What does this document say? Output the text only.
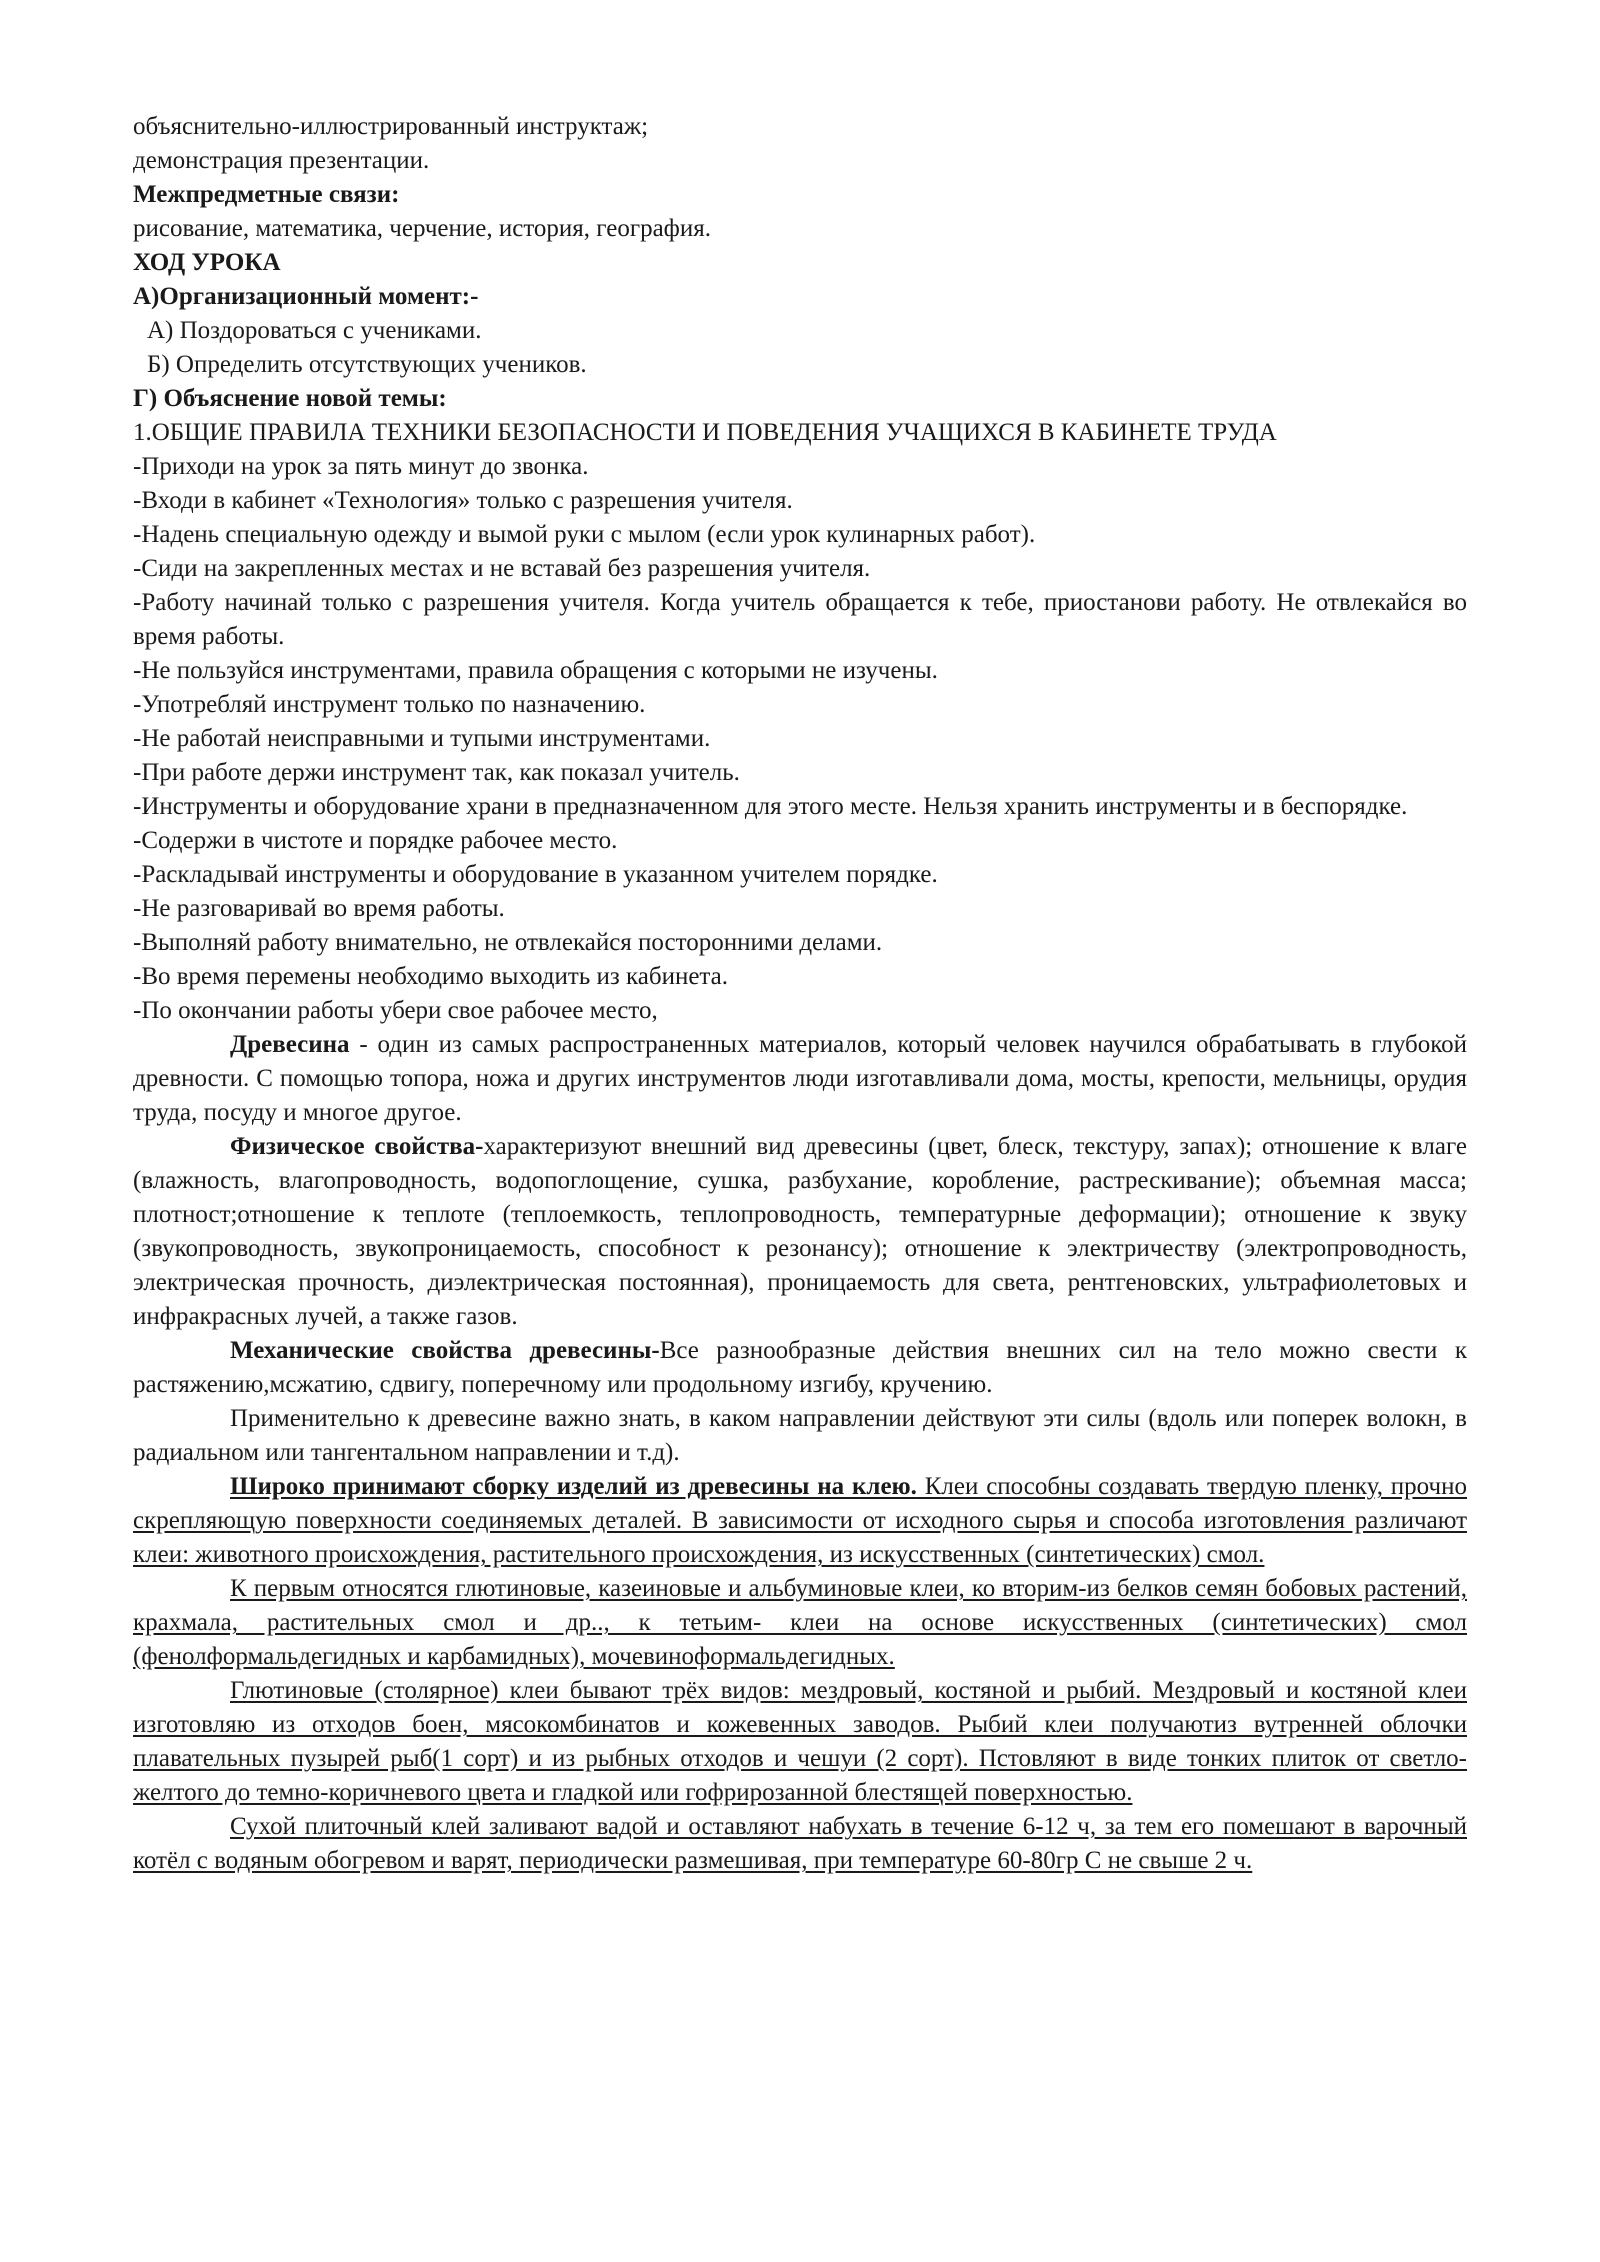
объяснительно-иллюстрированный инструктаж;

демонстрация презентации.

Межпредметные связи:

рисование, математика, черчение, история, география.

ХОД УРОКА

А)Организационный момент:-

А) Поздороваться с учениками.

Б) Определить отсутствующих учеников.

Г) Объяснение новой темы:

1.ОБЩИЕ ПРАВИЛА ТЕХНИКИ БЕЗОПАСНОСТИ И ПОВЕДЕНИЯ УЧАЩИХСЯ В КАБИНЕТЕ ТРУДА

-Приходи на урок за пять минут до звонка.

-Входи в кабинет «Технология» только с разрешения учителя.

-Надень специальную одежду и вымой руки с мылом (если урок кулинарных работ).

-Сиди на закрепленных местах и не вставай без разрешения учителя.

-Работу начинай только с разрешения учителя. Когда учитель обращается к тебе, приостанови работу. Не отвлекайся во время работы.

-Не пользуйся инструментами, правила обращения с которыми не изучены.

-Употребляй инструмент только по назначению.

-Не работай неисправными и тупыми инструментами.

-При работе держи инструмент так, как показал учитель.

-Инструменты и оборудование храни в предназначенном для этого месте. Нельзя хранить инструменты и в беспорядке.

-Содержи в чистоте и порядке рабочее место.

-Раскладывай инструменты и оборудование в указанном учителем порядке.

-Не разговаривай во время работы.

-Выполняй работу внимательно, не отвлекайся посторонними делами.

-Во время перемены необходимо выходить из кабинета.

-По окончании работы убери свое рабочее место,

Древесина - один из самых распространенных материалов, который человек научился обрабатывать в глубокой древности. С помощью топора, ножа и других инструментов люди изготавливали дома, мосты, крепости, мельницы, орудия труда, посуду и многое другое.

Физическое свойства-характеризуют внешний вид древесины (цвет, блеск, текстуру, запах); отношение к влаге (влажность, влагопроводность, водопоглощение, сушка, разбухание, коробление, растрескивание); объемная масса; плотност;отношение к теплоте (теплоемкость, теплопроводность, температурные деформации); отношение к звуку (звукопроводность, звукопроницаемость, способност к резонансу); отношение к электричеству (электропроводность, электрическая прочность, диэлектрическая постоянная), проницаемость для света, рентгеновских, ультрафиолетовых и инфракрасных лучей, а также газов.

Механические свойства древесины-Все разнообразные действия внешних сил на тело можно свести к растяжению,мсжатию, сдвигу, поперечному или продольному изгибу, кручению.

Применительно к древесине важно знать, в каком направлении действуют эти силы (вдоль или поперек волокн, в радиальном или тангентальном направлении и т.д).

Широко принимают сборку изделий из древесины на клею. Клеи способны создавать твердую пленку, прочно скрепляющую поверхности соединяемых деталей. В зависимости от исходного сырья и способа изготовления различают клеи: животного происхождения, растительного происхождения, из искусственных (синтетических) смол.

К первым относятся глютиновые, казеиновые и альбуминовые клеи, ко вторим-из белков семян бобовых растений, крахмала, растительных смол и др.., к тетьим- клеи на основе искусственных (синтетических) смол (фенолформальдегидных и карбамидных), мочевиноформальдегидных.

Глютиновые (столярное) клеи бывают трёх видов: мездровый, костяной и рыбий. Мездровый и костяной клеи изготовляю из отходов боен, мясокомбинатов и кожевенных заводов. Рыбий клеи получаютиз вутренней облочки плавательных пузырей рыб(1 сорт) и из рыбных отходов и чешуи (2 сорт). Пстовляют в виде тонких плиток от светло-желтого до темно-коричневого цвета и гладкой или гофрирозанной блестящей поверхностью.

Сухой плиточный клей заливают вадой и оставляют набухать в течение 6-12 ч, за тем его помешают в варочный котёл с водяным обогревом и варят, периодически размешивая, при температуре 60-80гр С не свыше 2 ч.
